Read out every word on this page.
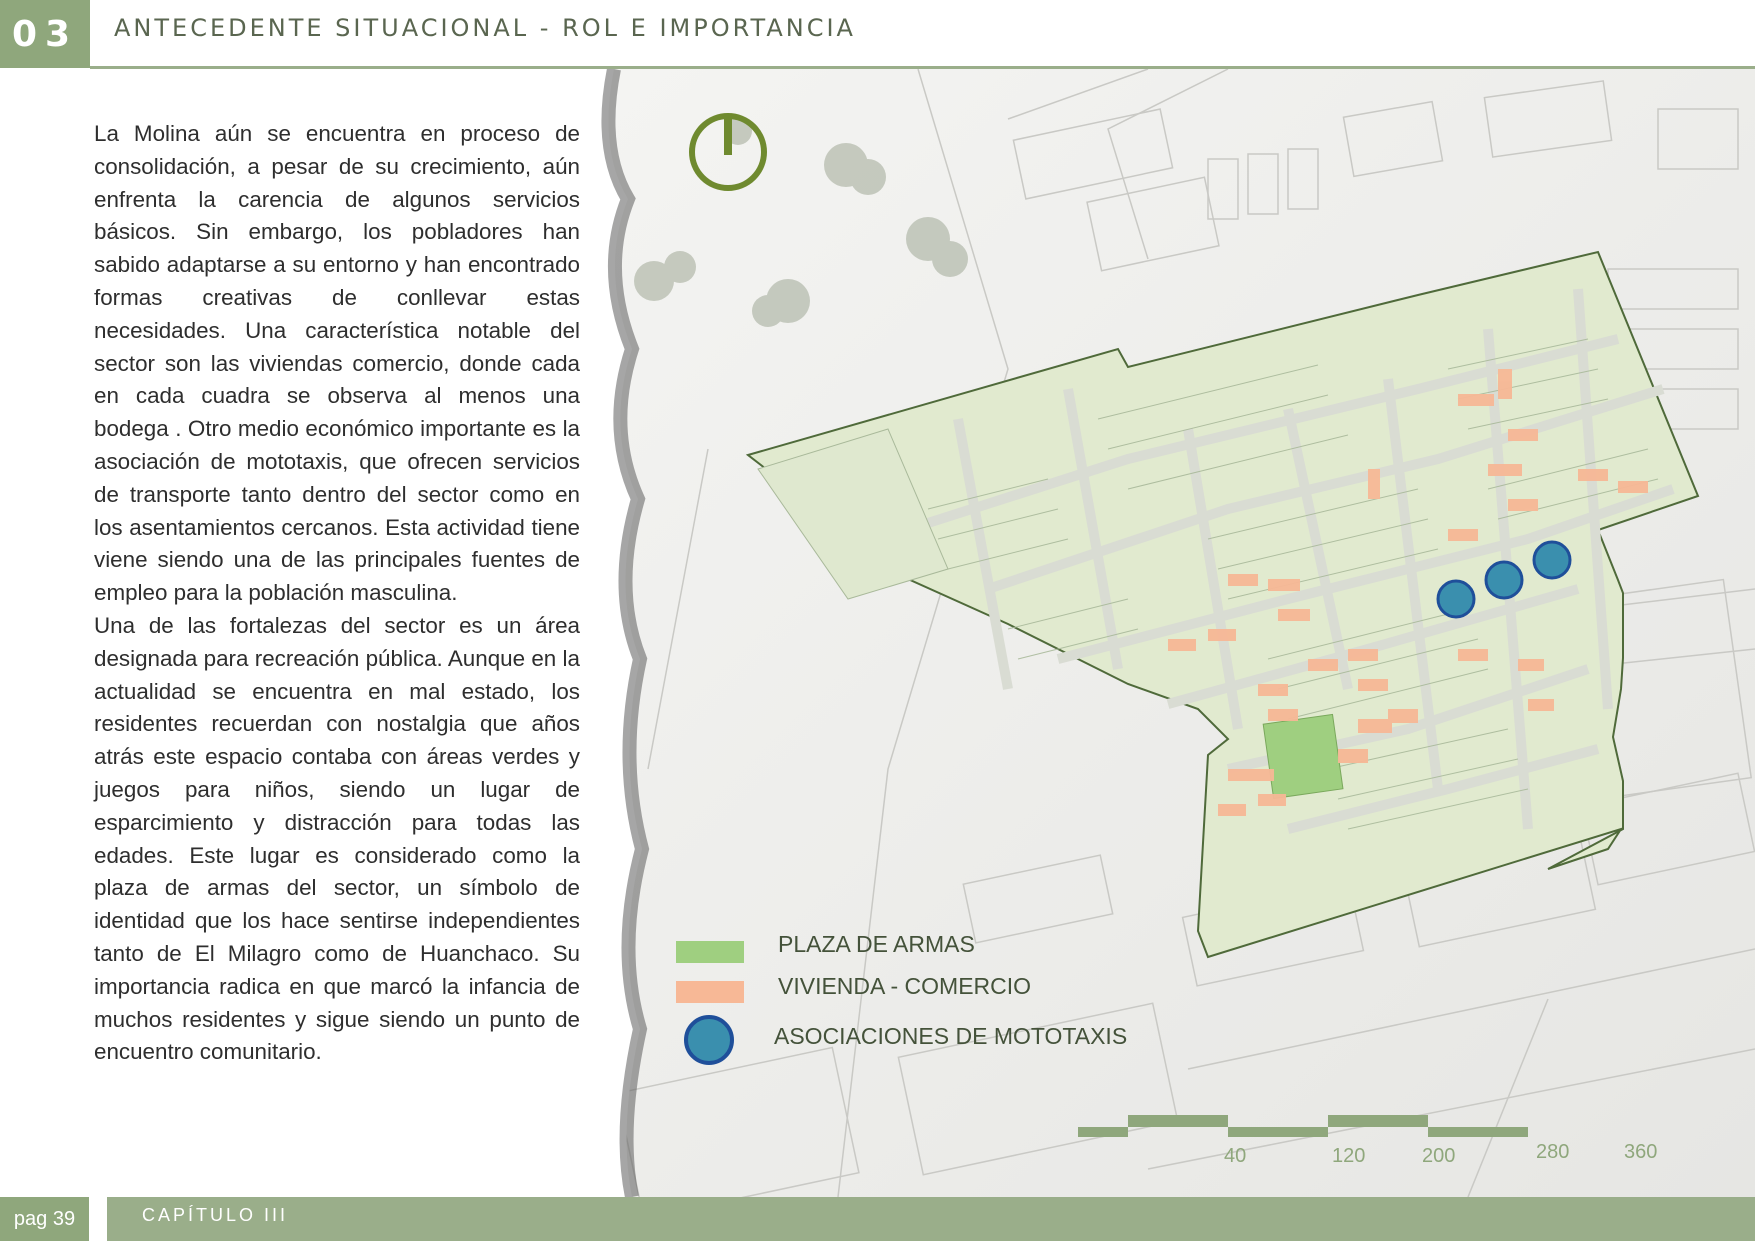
03	ANTECEDENTE SITUACIONAL - ROL E IMPORTANCIA
40	120	200	280	360
PLAZA DE ARMAS
VIVIENDA - COMERCIO
ASOCIACIONES DE MOTOTAXIS

La Molina aún se encuentra en proceso de consolidación, a pesar de su crecimiento, aún enfrenta la carencia de algunos servicios básicos. Sin embargo, los pobladores han sabido adaptarse a su entorno y han encontrado formas creativas de conllevar estas necesidades. Una característica notable del sector son las viviendas comercio, donde cada en cada cuadra se observa al menos una bodega . Otro medio económico importante es la asociación de mototaxis, que ofrecen servicios de transporte tanto dentro del sector como en los asentamientos cercanos. Esta actividad tiene viene siendo una de las principales fuentes de empleo para la población masculina.

Una de las fortalezas del sector es un área designada para recreación pública. Aunque en la actualidad se encuentra en mal estado, los residentes recuerdan con nostalgia que años atrás este espacio contaba con áreas verdes y juegos para niños, siendo un lugar de esparcimiento y distracción para todas las edades. Este lugar es considerado como la plaza de armas del sector, un símbolo de identidad que los hace sentirse independientes tanto de El Milagro como de Huanchaco. Su importancia radica en que marcó la infancia de muchos residentes y sigue siendo un punto de encuentro comunitario.

pag 39	CAPÍTULO III
